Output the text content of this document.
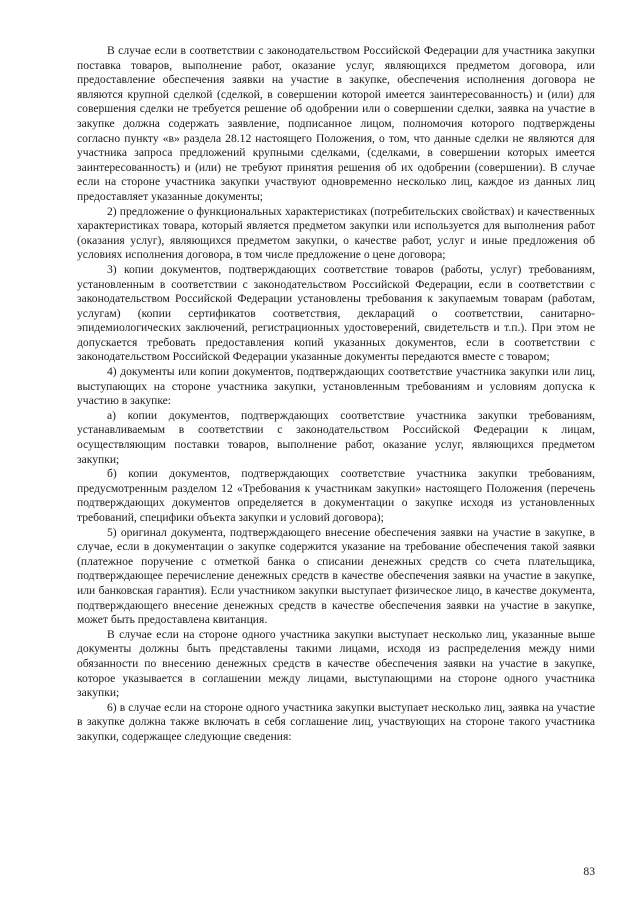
В случае если в соответствии с законодательством Российской Федерации для участника закупки поставка товаров, выполнение работ, оказание услуг, являющихся предметом договора, или предоставление обеспечения заявки на участие в закупке, обеспечения исполнения договора не являются крупной сделкой (сделкой, в совершении которой имеется заинтересованность) и (или) для совершения сделки не требуется решение об одобрении или о совершении сделки, заявка на участие в закупке должна содержать заявление, подписанное лицом, полномочия которого подтверждены согласно пункту «в» раздела 28.12 настоящего Положения, о том, что данные сделки не являются для участника запроса предложений крупными сделками, (сделками, в совершении которых имеется заинтересованность) и (или) не требуют принятия решения об их одобрении (совершении). В случае если на стороне участника закупки участвуют одновременно несколько лиц, каждое из данных лиц предоставляет указанные документы;

2) предложение о функциональных характеристиках (потребительских свойствах) и качественных характеристиках товара, который является предметом закупки или используется для выполнения работ (оказания услуг), являющихся предметом закупки, о качестве работ, услуг и иные предложения об условиях исполнения договора, в том числе предложение о цене договора;

3) копии документов, подтверждающих соответствие товаров (работы, услуг) требованиям, установленным в соответствии с законодательством Российской Федерации, если в соответствии с законодательством Российской Федерации установлены требования к закупаемым товарам (работам, услугам) (копии сертификатов соответствия, деклараций о соответствии, санитарно-эпидемиологических заключений, регистрационных удостоверений, свидетельств и т.п.). При этом не допускается требовать предоставления копий указанных документов, если в соответствии с законодательством Российской Федерации указанные документы передаются вместе с товаром;

4) документы или копии документов, подтверждающих соответствие участника закупки или лиц, выступающих на стороне участника закупки, установленным требованиям и условиям допуска к участию в закупке:

а) копии документов, подтверждающих соответствие участника закупки требованиям, устанавливаемым в соответствии с законодательством Российской Федерации к лицам, осуществляющим поставки товаров, выполнение работ, оказание услуг, являющихся предметом закупки;

б) копии документов, подтверждающих соответствие участника закупки требованиям, предусмотренным разделом 12 «Требования к участникам закупки» настоящего Положения (перечень подтверждающих документов определяется в документации о закупке исходя из установленных требований, специфики объекта закупки и условий договора);

5) оригинал документа, подтверждающего внесение обеспечения заявки на участие в закупке, в случае, если в документации о закупке содержится указание на требование обеспечения такой заявки (платежное поручение с отметкой банка о списании денежных средств со счета плательщика, подтверждающее перечисление денежных средств в качестве обеспечения заявки на участие в закупке, или банковская гарантия). Если участником закупки выступает физическое лицо, в качестве документа, подтверждающего внесение денежных средств в качестве обеспечения заявки на участие в закупке, может быть предоставлена квитанция.

В случае если на стороне одного участника закупки выступает несколько лиц, указанные выше документы должны быть представлены такими лицами, исходя из распределения между ними обязанности по внесению денежных средств в качестве обеспечения заявки на участие в закупке, которое указывается в соглашении между лицами, выступающими на стороне одного участника закупки;

6) в случае если на стороне одного участника закупки выступает несколько лиц, заявка на участие в закупке должна также включать в себя соглашение лиц, участвующих на стороне такого участника закупки, содержащее следующие сведения:

83
